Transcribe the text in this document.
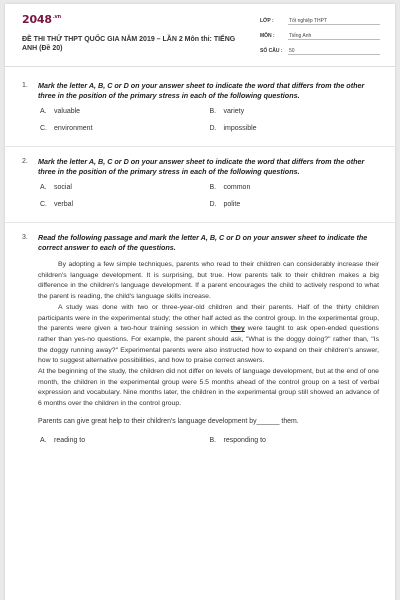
$2048^{.vn}$
ĐỀ THI THỬ THPT QUỐC GIA NĂM 2019 – LẦN 2 Môn thi: TIẾNG ANH (Đề 20)
LỚP :	Tốt nghiệp THPT
MÔN :	Tiếng Anh
SỐ CÂU :	50
1.	Mark the letter A, B, C or D on your answer sheet to indicate the word that differs from the other three in the position of the primary stress in each of the following questions.
A. valuable	B. variety
C. environment	D. impossible
2.	Mark the letter A, B, C or D on your answer sheet to indicate the word that differs from the other three in the position of the primary stress in each of the following questions.
A. social	B. common
C. verbal	D. polite
3.	Read the following passage and mark the letter A, B, C or D on your answer sheet to indicate the correct answer to each of the questions.

By adopting a few simple techniques, parents who read to their children can considerably increase their children's language development. It is surprising, but true. How parents talk to their children makes a big difference in the children's language development. If a parent encourages the child to actively respond to what the parent is reading, the child's language skills increase.

A study was done with two or three-year-old children and their parents. Half of the thirty children participants were in the experimental study; the other half acted as the control group. In the experimental group, the parents were given a two-hour training session in which they were taught to ask open-ended questions rather than yes-no questions. For example, the parent should ask, "What is the doggy doing?" rather than, "Is the doggy running away?" Experimental parents were also instructed how to expand on their children's answer, how to suggest alternative possibilities, and how to praise correct answers.

At the beginning of the study, the children did not differ on levels of language development, but at the end of one month, the children in the experimental group were 5.5 months ahead of the control group on a test of verbal expression and vocabulary. Nine months later, the children in the experimental group still showed an advance of 6 months over the children in the control group.

Parents can give great help to their children's language development by______ them.
A. reading to	B. responding to
